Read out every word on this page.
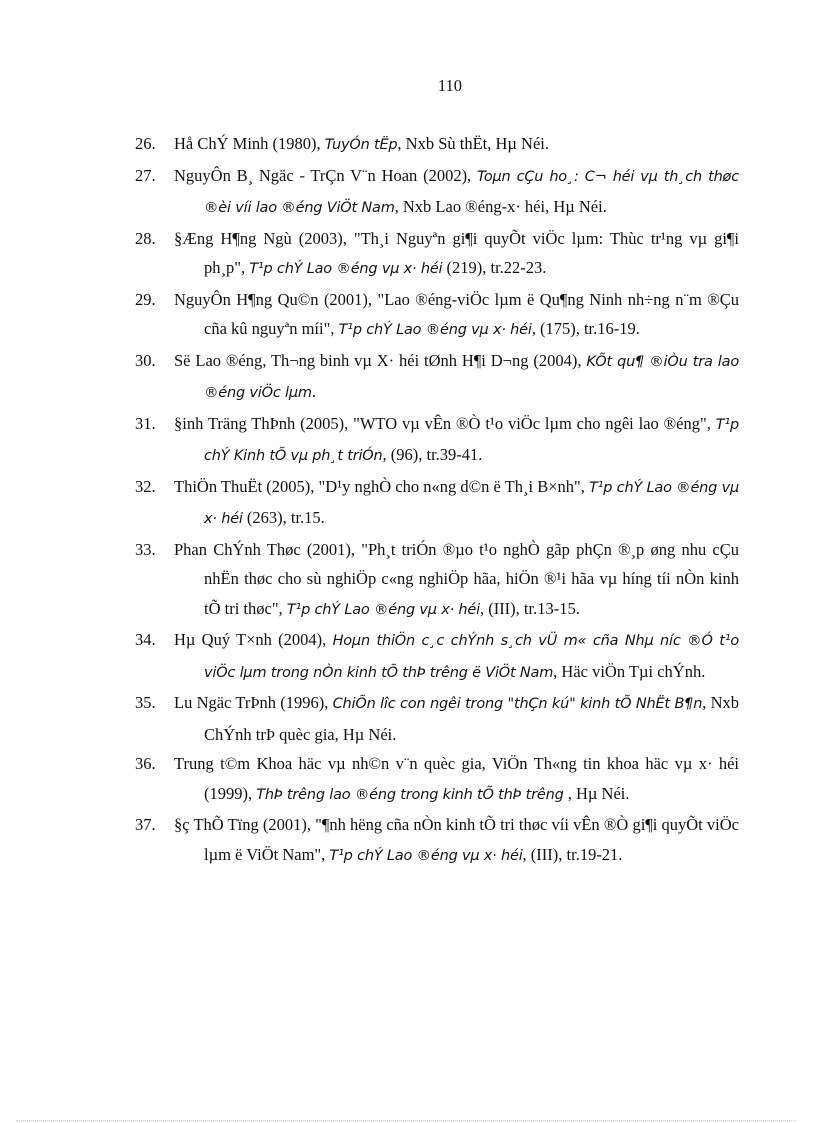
110
26.	Hå ChÝ Minh (1980), TuyÓn tËp, Nxb Sù thËt, Hµ Néi.
27.	NguyÔn B¸ Ngäc - TrÇn V¨n Hoan (2002), Toµn cÇu ho¸: C¬ héi vµ th¸ch thøc ®èi víi lao ®éng ViÖt Nam, Nxb Lao ®éng-x· héi, Hµ Néi.
28.	§Æng H¶ng Ngù (2003), "Th¸i Nguyªn gi¶i quyÕt viÖc lµm: Thùc tr¹ng vµ gi¶i ph¸p", T¹p chÝ Lao ®éng vµ x· héi (219), tr.22-23.
29.	NguyÔn H¶ng Qu©n (2001), "Lao ®éng-viÖc lµm ë Qu¶ng Ninh nh÷ng n¨m ®Çu cña kû nguyªn míi", T¹p chÝ Lao ®éng vµ x· héi, (175), tr.16-19.
30.	Së Lao ®éng, Th¬ng binh vµ X· héi tØnh H¶i D¬ng (2004), KÕt qu¶ ®iÒu tra lao ®éng viÖc lµm.
31.	§inh Träng ThÞnh (2005), "WTO vµ vÊn ®Ò t¹o viÖc lµm cho ngêi lao ®éng", T¹p chÝ Kinh tÕ vµ ph¸t triÓn, (96), tr.39-41.
32.	ThiÖn ThuËt (2005), "D¹y nghÒ cho n«ng d©n ë Th¸i B×nh", T¹p chÝ Lao ®éng vµ x· héi (263), tr.15.
33.	Phan ChÝnh Thøc (2001), "Ph¸t triÓn ®µo t¹o nghÒ gãp phÇn ®¸p øng nhu cÇu nhËn thøc cho sù nghiÖp c«ng nghiÖp hãa, hiÖn ®¹i hãa vµ híng tíi nÒn kinh tÕ tri thøc", T¹p chÝ Lao ®éng vµ x· héi, (III), tr.13-15.
34.	Hµ Quý T×nh (2004), Hoµn thiÖn c¸c chÝnh s¸ch vÜ m« cña Nhµ níc ®Ó t¹o viÖc lµm trong nÒn kinh tÕ thÞ trêng ë ViÖt Nam, Häc viÖn Tµi chÝnh.
35.	Lu Ngäc TrÞnh (1996), ChiÕn lîc con ngêi trong "thÇn kú" kinh tÕ NhËt B¶n, Nxb ChÝnh trÞ quèc gia, Hµ Néi.
36.	Trung t©m Khoa häc vµ nh©n v¨n quèc gia, ViÖn Th«ng tin khoa häc vµ x· héi (1999), ThÞ trêng lao ®éng trong kinh tÕ thÞ trêng , Hµ Néi.
37.	§ç ThÕ Tïng (2001), "¶nh hëng cña nÒn kinh tÕ tri thøc víi vÊn ®Ò gi¶i quyÕt viÖc lµm ë ViÖt Nam", T¹p chÝ Lao ®éng vµ x· héi, (III), tr.19-21.
